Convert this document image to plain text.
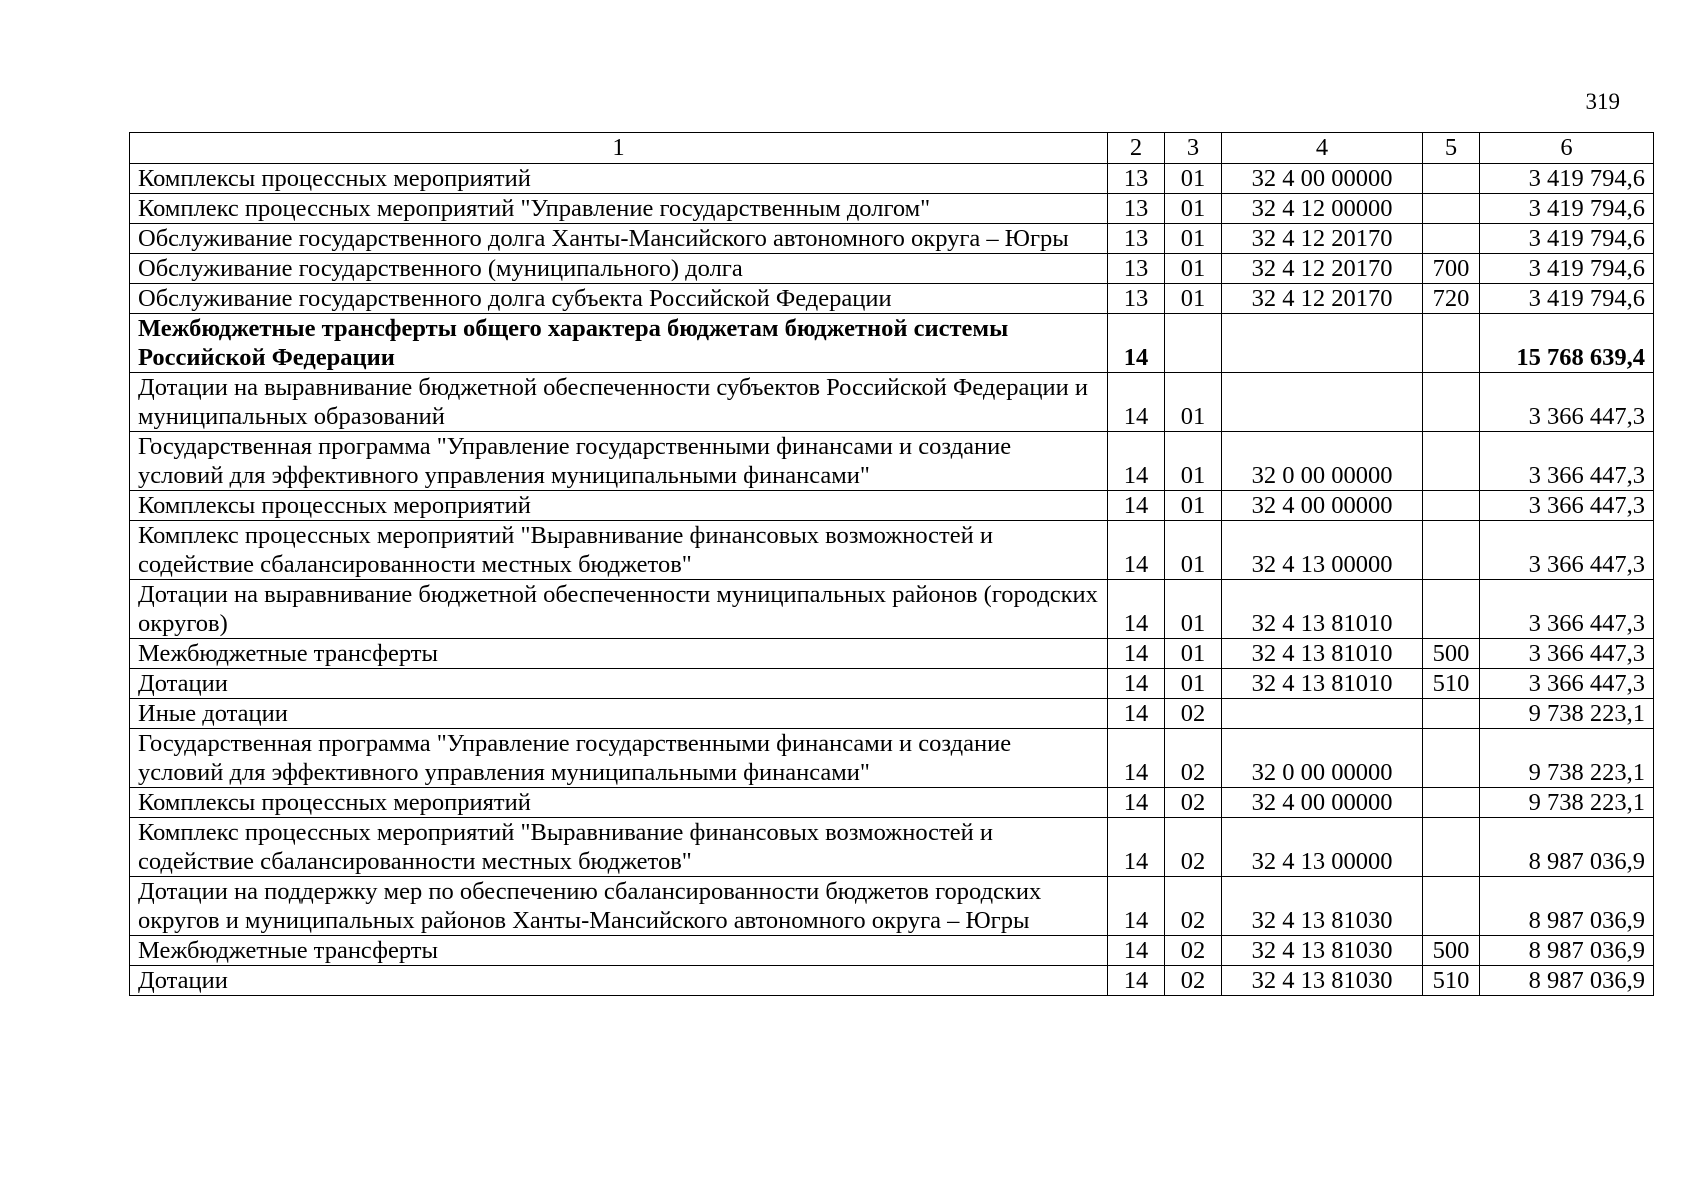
319
1	2	3	4	5	6
Комплексы процессных мероприятий	13	01	32 4 00 00000		3 419 794,6
Комплекс процессных мероприятий "Управление государственным долгом"	13	01	32 4 12 00000		3 419 794,6
Обслуживание государственного долга Ханты-Мансийского автономного округа – Югры	13	01	32 4 12 20170		3 419 794,6
Обслуживание государственного (муниципального) долга	13	01	32 4 12 20170	700	3 419 794,6
Обслуживание государственного долга субъекта Российской Федерации	13	01	32 4 12 20170	720	3 419 794,6
Межбюджетные трансферты общего характера бюджетам бюджетной системы Российской Федерации	14				15 768 639,4
Дотации на выравнивание бюджетной обеспеченности субъектов Российской Федерации и муниципальных образований	14	01			3 366 447,3
Государственная программа "Управление государственными финансами и создание условий для эффективного управления муниципальными финансами"	14	01	32 0 00 00000		3 366 447,3
Комплексы процессных мероприятий	14	01	32 4 00 00000		3 366 447,3
Комплекс процессных мероприятий "Выравнивание финансовых возможностей и содействие сбалансированности местных бюджетов"	14	01	32 4 13 00000		3 366 447,3
Дотации на выравнивание бюджетной обеспеченности муниципальных районов (городских округов)	14	01	32 4 13 81010		3 366 447,3
Межбюджетные трансферты	14	01	32 4 13 81010	500	3 366 447,3
Дотации	14	01	32 4 13 81010	510	3 366 447,3
Иные дотации	14	02			9 738 223,1
Государственная программа "Управление государственными финансами и создание условий для эффективного управления муниципальными финансами"	14	02	32 0 00 00000		9 738 223,1
Комплексы процессных мероприятий	14	02	32 4 00 00000		9 738 223,1
Комплекс процессных мероприятий "Выравнивание финансовых возможностей и содействие сбалансированности местных бюджетов"	14	02	32 4 13 00000		8 987 036,9
Дотации на поддержку мер по обеспечению сбалансированности бюджетов городских округов и муниципальных районов Ханты-Мансийского автономного округа – Югры	14	02	32 4 13 81030		8 987 036,9
Межбюджетные трансферты	14	02	32 4 13 81030	500	8 987 036,9
Дотации	14	02	32 4 13 81030	510	8 987 036,9
